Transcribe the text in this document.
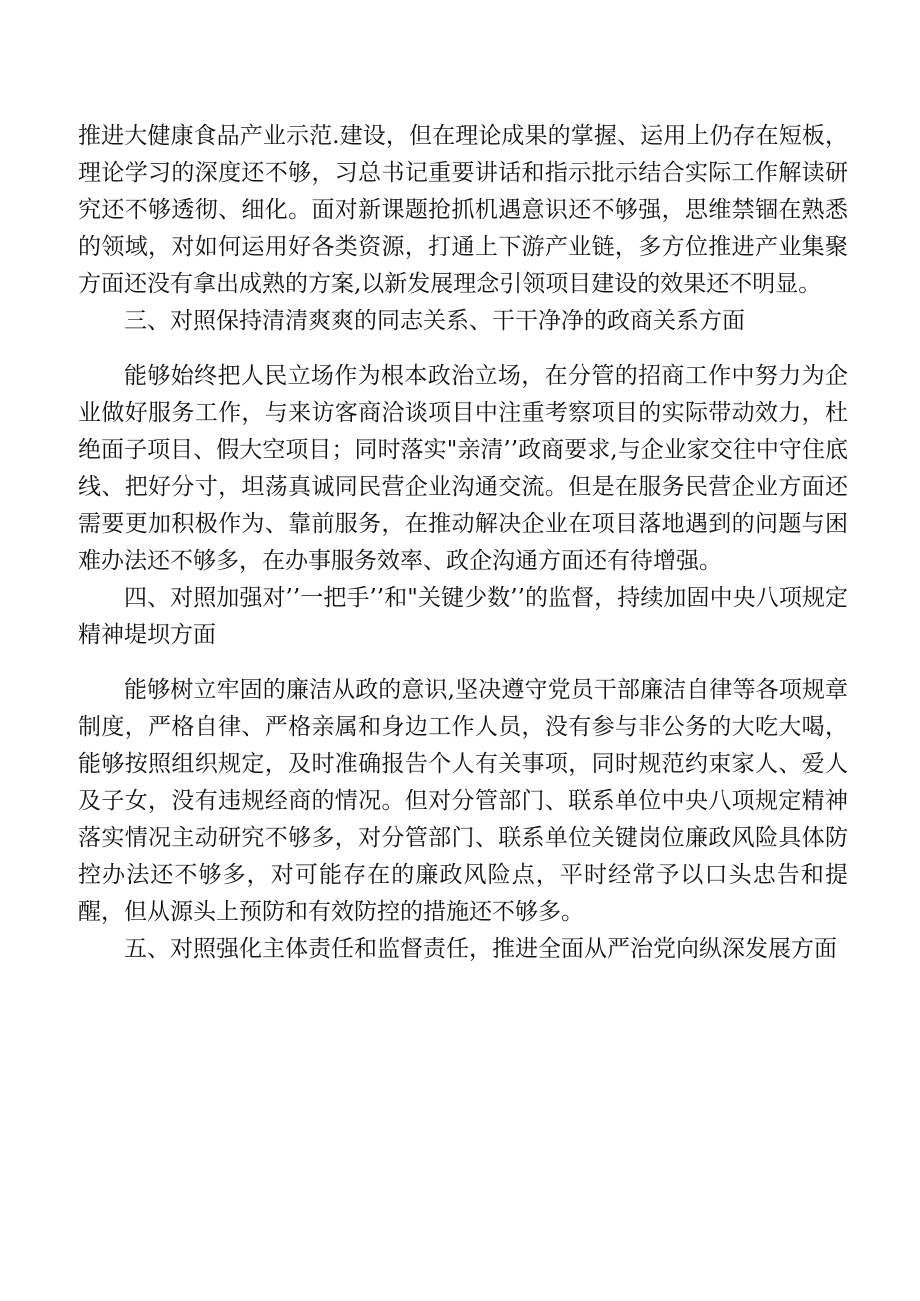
推进大健康食品产业示范.建设，但在理论成果的掌握、运用上仍存在短板，理论学习的深度还不够，习总书记重要讲话和指示批示结合实际工作解读研究还不够透彻、细化。面对新课题抢抓机遇意识还不够强，思维禁锢在熟悉的领域，对如何运用好各类资源，打通上下游产业链，多方位推进产业集聚方面还没有拿出成熟的方案,以新发展理念引领项目建设的效果还不明显。

三、对照保持清清爽爽的同志关系、干干净净的政商关系方面

能够始终把人民立场作为根本政治立场，在分管的招商工作中努力为企业做好服务工作，与来访客商洽谈项目中注重考察项目的实际带动效力，杜绝面子项目、假大空项目；同时落实"亲清’’政商要求,与企业家交往中守住底线、把好分寸，坦荡真诚同民营企业沟通交流。但是在服务民营企业方面还需要更加积极作为、靠前服务，在推动解决企业在项目落地遇到的问题与困难办法还不够多，在办事服务效率、政企沟通方面还有待增强。

四、对照加强对’’一把手’’和"关键少数’’的监督，持续加固中央八项规定精神堤坝方面

能够树立牢固的廉洁从政的意识,坚决遵守党员干部廉洁自律等各项规章制度，严格自律、严格亲属和身边工作人员，没有参与非公务的大吃大喝，能够按照组织规定，及时准确报告个人有关事项，同时规范约束家人、爱人及子女，没有违规经商的情况。但对分管部门、联系单位中央八项规定精神落实情况主动研究不够多，对分管部门、联系单位关键岗位廉政风险具体防控办法还不够多，对可能存在的廉政风险点，平时经常予以口头忠告和提醒，但从源头上预防和有效防控的措施还不够多。

五、对照强化主体责任和监督责任，推进全面从严治党向纵深发展方面
